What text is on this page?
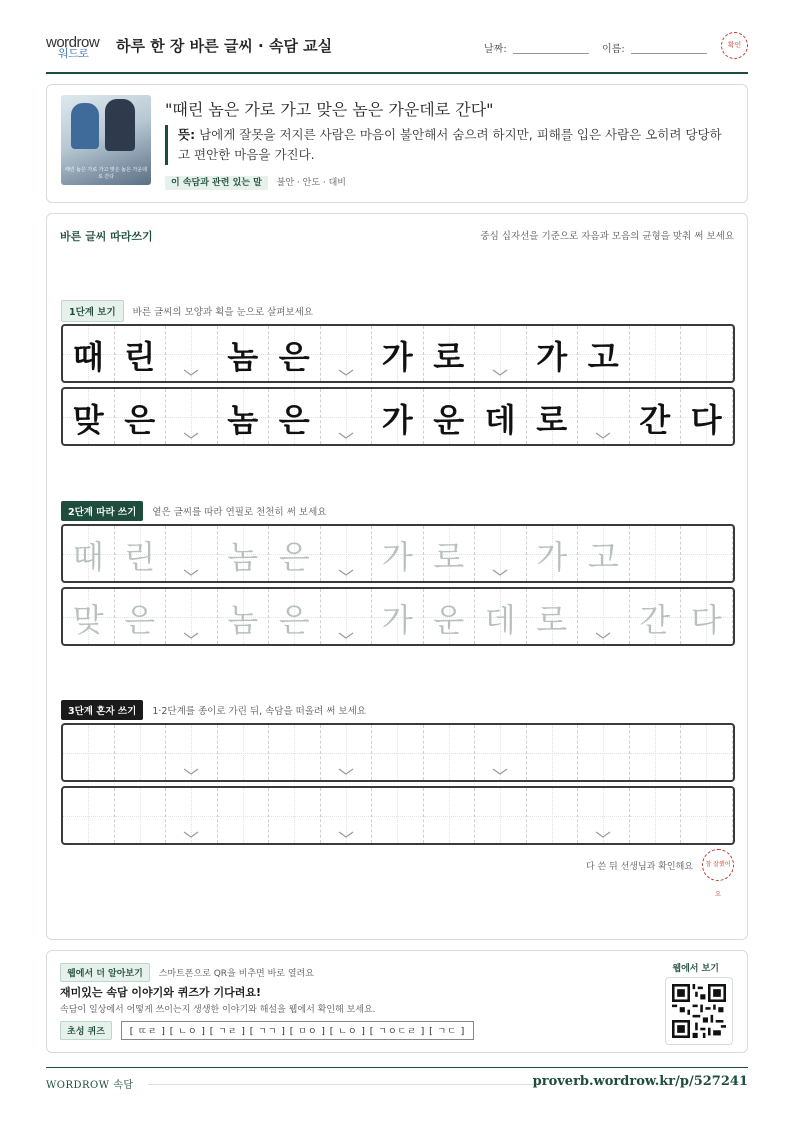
wordrow

워드로 하루 한 장 바른 글씨 · 속담 교실	날짜:	이름:	확인
때린 놈은 가로 가고 맞은 놈은 가운데로 간다
"때린 놈은 가로 가고 맞은 놈은 가운데로 간다"
뜻: 남에게 잘못을 저지른 사람은 마음이 불안해서 숨으려 하지만, 피해를 입은 사람은 오히려 당당하고 편안한 마음을 가진다.
이 속담과 관련 있는 말 불안 · 안도 · 대비
바른 글씨 따라쓰기	중심 십자선을 기준으로 자음과 모음의 균형을 맞춰 써 보세요
1단계 보기 바른 글씨의 모양과 획을 눈으로 살펴보세요
때 린	놈 은	가 로	가 고
맞 은	놈 은	가 운 데 로	간 다
2단계 따라 쓰기 옅은 글씨를 따라 연필로 천천히 써 보세요
때 린	놈 은	가 로	가 고
맞 은	놈 은	가 운 데 로	간 다
3단계 혼자 쓰기 1·2단계를 종이로 가린 뒤, 속담을 떠올려 써 보세요
다 쓴 뒤 선생님과 확인해요	참 잘했어요
웹에서 더 알아보기 스마트폰으로 QR을 비추면 바로 열려요
재미있는 속담 이야기와 퀴즈가 기다려요!
속담이 일상에서 어떻게 쓰이는지 생생한 이야기와 해설을 웹에서 확인해 보세요.
초성 퀴즈	[ ㄸㄹ ] [ ㄴㅇ ] [ ㄱㄹ ] [ ㄱㄱ ] [ ㅁㅇ ] [ ㄴㅇ ] [ ㄱㅇㄷㄹ ] [ ㄱㄷ ]
웹에서 보기
WORDROW 속담	proverb.wordrow.kr/p/527241
